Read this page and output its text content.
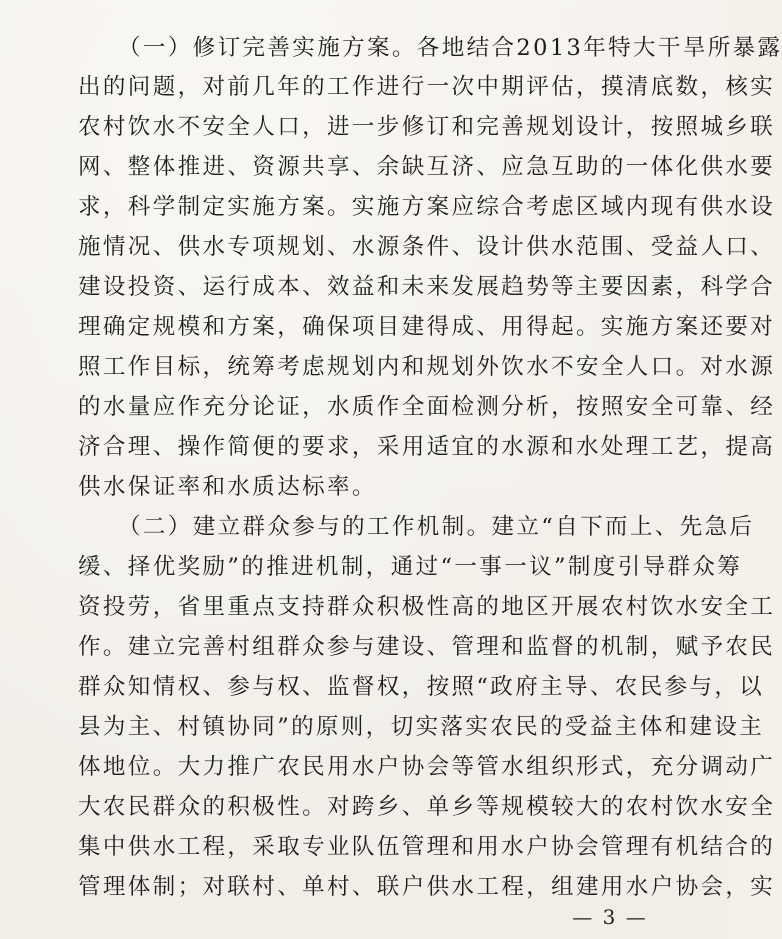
（一）修订完善实施方案。各地结合2013年特大干旱所暴露
出的问题，对前几年的工作进行一次中期评估，摸清底数，核实
农村饮水不安全人口，进一步修订和完善规划设计，按照城乡联
网、整体推进、资源共享、余缺互济、应急互助的一体化供水要
求，科学制定实施方案。实施方案应综合考虑区域内现有供水设
施情况、供水专项规划、水源条件、设计供水范围、受益人口、
建设投资、运行成本、效益和未来发展趋势等主要因素，科学合
理确定规模和方案，确保项目建得成、用得起。实施方案还要对
照工作目标，统筹考虑规划内和规划外饮水不安全人口。对水源
的水量应作充分论证，水质作全面检测分析，按照安全可靠、经
济合理、操作简便的要求，采用适宜的水源和水处理工艺，提高
供水保证率和水质达标率。
（二）建立群众参与的工作机制。建立“自下而上、先急后
缓、择优奖励”的推进机制，通过“一事一议”制度引导群众筹
资投劳，省里重点支持群众积极性高的地区开展农村饮水安全工
作。建立完善村组群众参与建设、管理和监督的机制，赋予农民
群众知情权、参与权、监督权，按照“政府主导、农民参与，以
县为主、村镇协同”的原则，切实落实农民的受益主体和建设主
体地位。大力推广农民用水户协会等管水组织形式，充分调动广
大农民群众的积极性。对跨乡、单乡等规模较大的农村饮水安全
集中供水工程，采取专业队伍管理和用水户协会管理有机结合的
管理体制；对联村、单村、联户供水工程，组建用水户协会，实
— 3 —
